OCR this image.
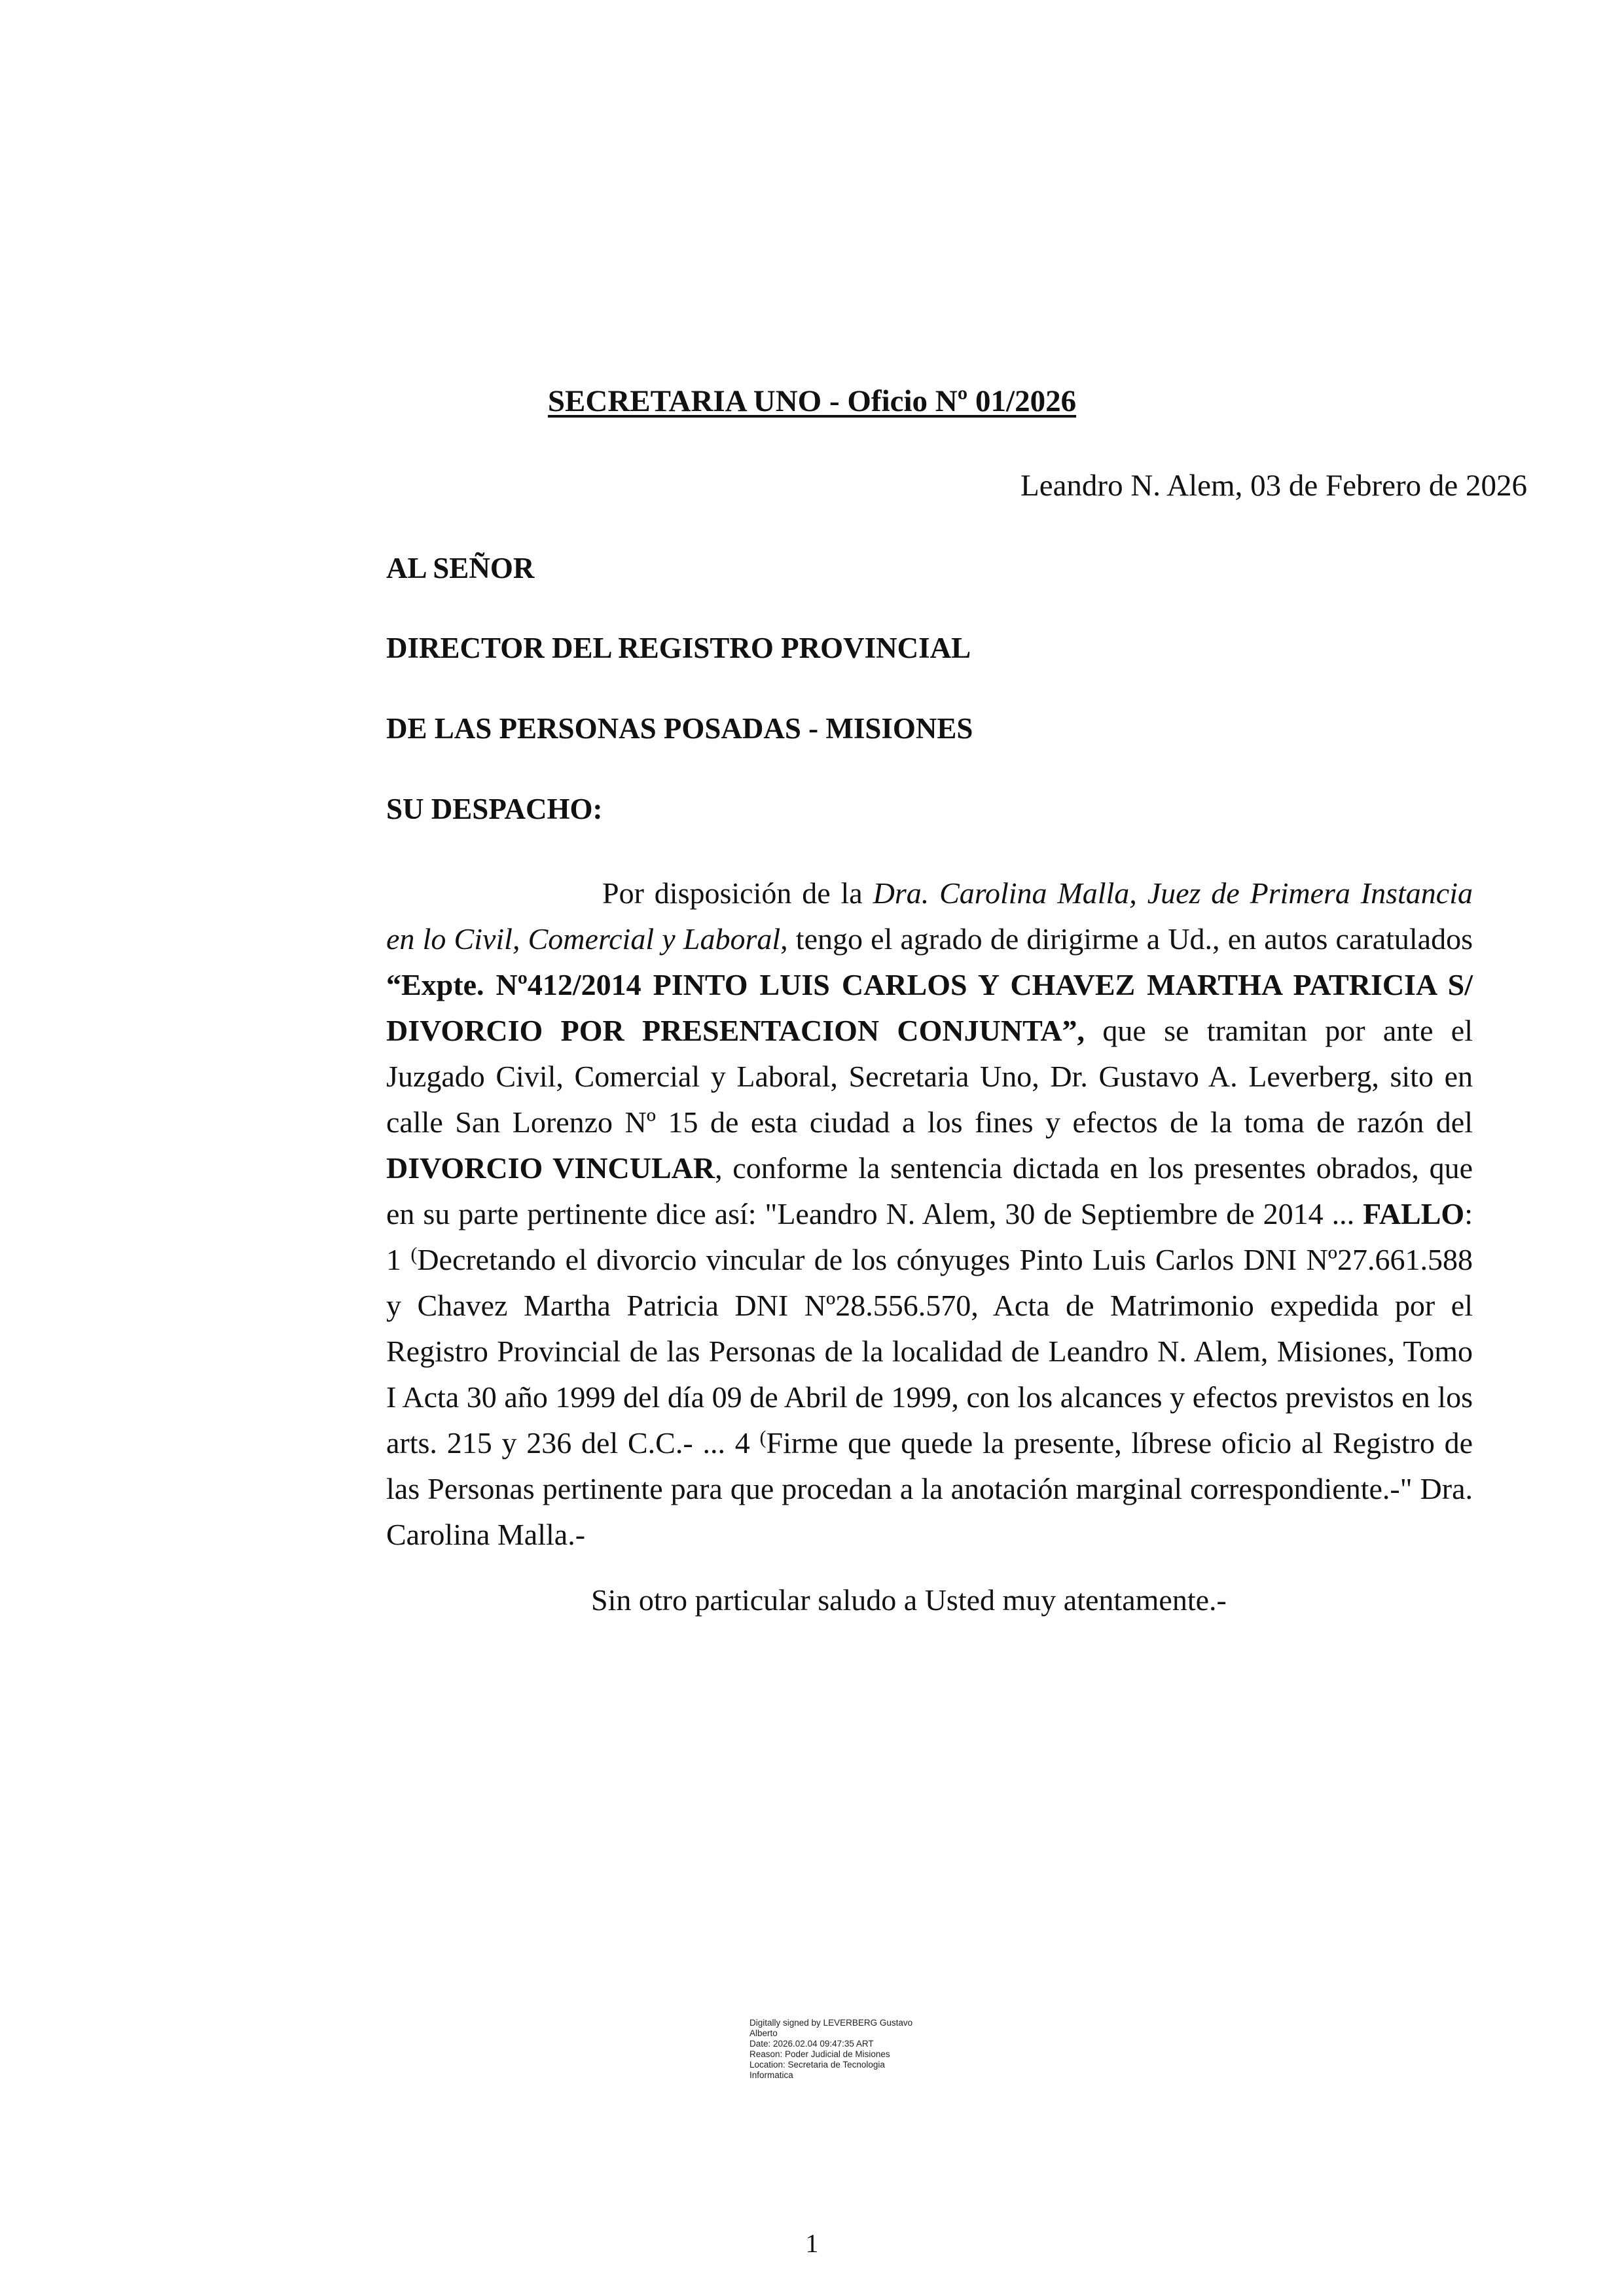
SECRETARIA UNO - Oficio Nº 01/2026
Leandro N. Alem, 03 de Febrero de 2026
AL SEÑOR
DIRECTOR DEL REGISTRO PROVINCIAL
DE LAS PERSONAS POSADAS - MISIONES
SU DESPACHO:
Por disposición de la Dra. Carolina Malla, Juez de Primera Instancia en lo Civil, Comercial y Laboral, tengo el agrado de dirigirme a Ud., en autos caratulados “Expte. Nº412/2014 PINTO LUIS CARLOS Y CHAVEZ MARTHA PATRICIA S/ DIVORCIO POR PRESENTACION CONJUNTA”, que se tramitan por ante el Juzgado Civil, Comercial y Laboral, Secretaria Uno, Dr. Gustavo A. Leverberg, sito en calle San Lorenzo Nº 15 de esta ciudad a los fines y efectos de la toma de razón del DIVORCIO VINCULAR, conforme la sentencia dictada en los presentes obrados, que en su parte pertinente dice así: "Leandro N. Alem, 30 de Septiembre de 2014 ... FALLO: 1 (Decretando el divorcio vincular de los cónyuges Pinto Luis Carlos DNI Nº27.661.588 y Chavez Martha Patricia DNI Nº28.556.570, Acta de Matrimonio expedida por el Registro Provincial de las Personas de la localidad de Leandro N. Alem, Misiones, Tomo I Acta 30 año 1999 del día 09 de Abril de 1999, con los alcances y efectos previstos en los arts. 215 y 236 del C.C.- ... 4 (Firme que quede la presente, líbrese oficio al Registro de las Personas pertinente para que procedan a la anotación marginal correspondiente.-" Dra. Carolina Malla.-
Sin otro particular saludo a Usted muy atentamente.-
Digitally signed by LEVERBERG Gustavo
Alberto
Date: 2026.02.04 09:47:35 ART
Reason: Poder Judicial de Misiones
Location: Secretaria de Tecnologia
Informatica
1
